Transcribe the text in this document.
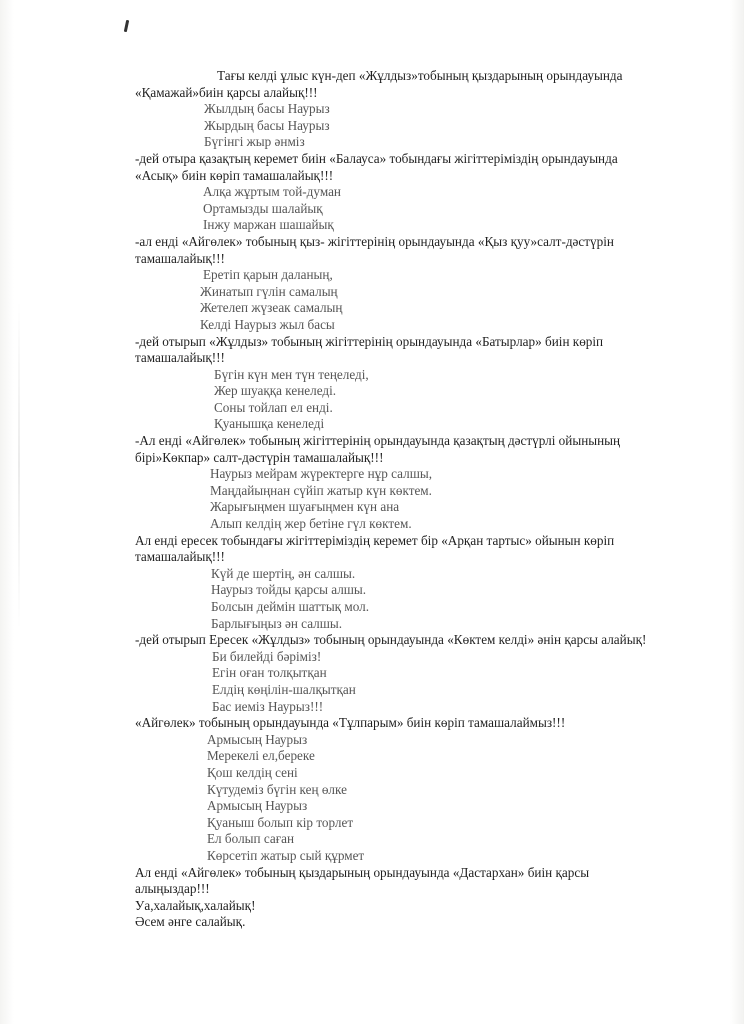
Тағы келді ұлыс күн-деп «Жұлдыз»тобының қыздарының орындауында
«Қамажай»биін қарсы алайық!!!
Жылдың басы Наурыз
Жырдың басы Наурыз
Бүгінгі жыр әнміз
-дей отыра қазақтың керемет биін «Балауса» тобындағы жігіттеріміздің орындауында
«Асық» биін көріп тамашалайық!!!
Алқа жұртым той-думан
Ортамызды шалайық
Інжу маржан шашайық
-ал енді «Айгөлек» тобының қыз- жігіттерінің орындауында «Қыз қуу»салт-дәстүрін
тамашалайық!!!
Еретіп қарын даланың,
Жинатып гүлін самалың
Жетелеп жүзеак самалың
Келді Наурыз жыл басы
-дей отырып «Жұлдыз» тобының жігіттерінің орындауында «Батырлар» биін көріп
тамашалайық!!!
Бүгін күн мен түн теңеледі,
Жер шуаққа кенеледі.
Соны тойлап ел енді.
Қуанышқа кенеледі
-Ал енді «Айгөлек» тобының жігіттерінің орындауында қазақтың дәстүрлі ойынының
бірі»Көкпар» салт-дәстүрін тамашалайық!!!
Наурыз мейрам жүректерге нұр салшы,
Маңдайыңнан сүйіп жатыр күн көктем.
Жарығыңмен шуағыңмен күн ана
Алып келдің жер бетіне гүл көктем.
Ал енді ересек тобындағы жігіттеріміздің керемет бір «Арқан тартыс» ойынын көріп
тамашалайық!!!
Күй де шертің, ән салшы.
Наурыз тойды қарсы алшы.
Болсын деймін шаттық мол.
Барлығыңыз ән салшы.
-дей отырып Ересек «Жұлдыз» тобының орындауында «Көктем келді» әнін қарсы алайық!
Би билейді бәріміз!
Егін оған толқытқан
Елдің көңілін-шалқытқан
Бас иеміз Наурыз!!!
«Айгөлек» тобының орындауында «Тұлпарым» биін көріп тамашалаймыз!!!
Армысың Наурыз
Мерекелі ел,береке
Қош келдің сені
Күтудеміз бүгін кең өлке
Армысың Наурыз
Қуаныш болып кір торлет
Ел болып саған
Көрсетіп жатыр сый құрмет
Ал енді «Айгөлек» тобының қыздарының орындауында «Дастархан» биін қарсы
алыңыздар!!!
Уа,халайық,халайық!
Әсем әнге салайық.
